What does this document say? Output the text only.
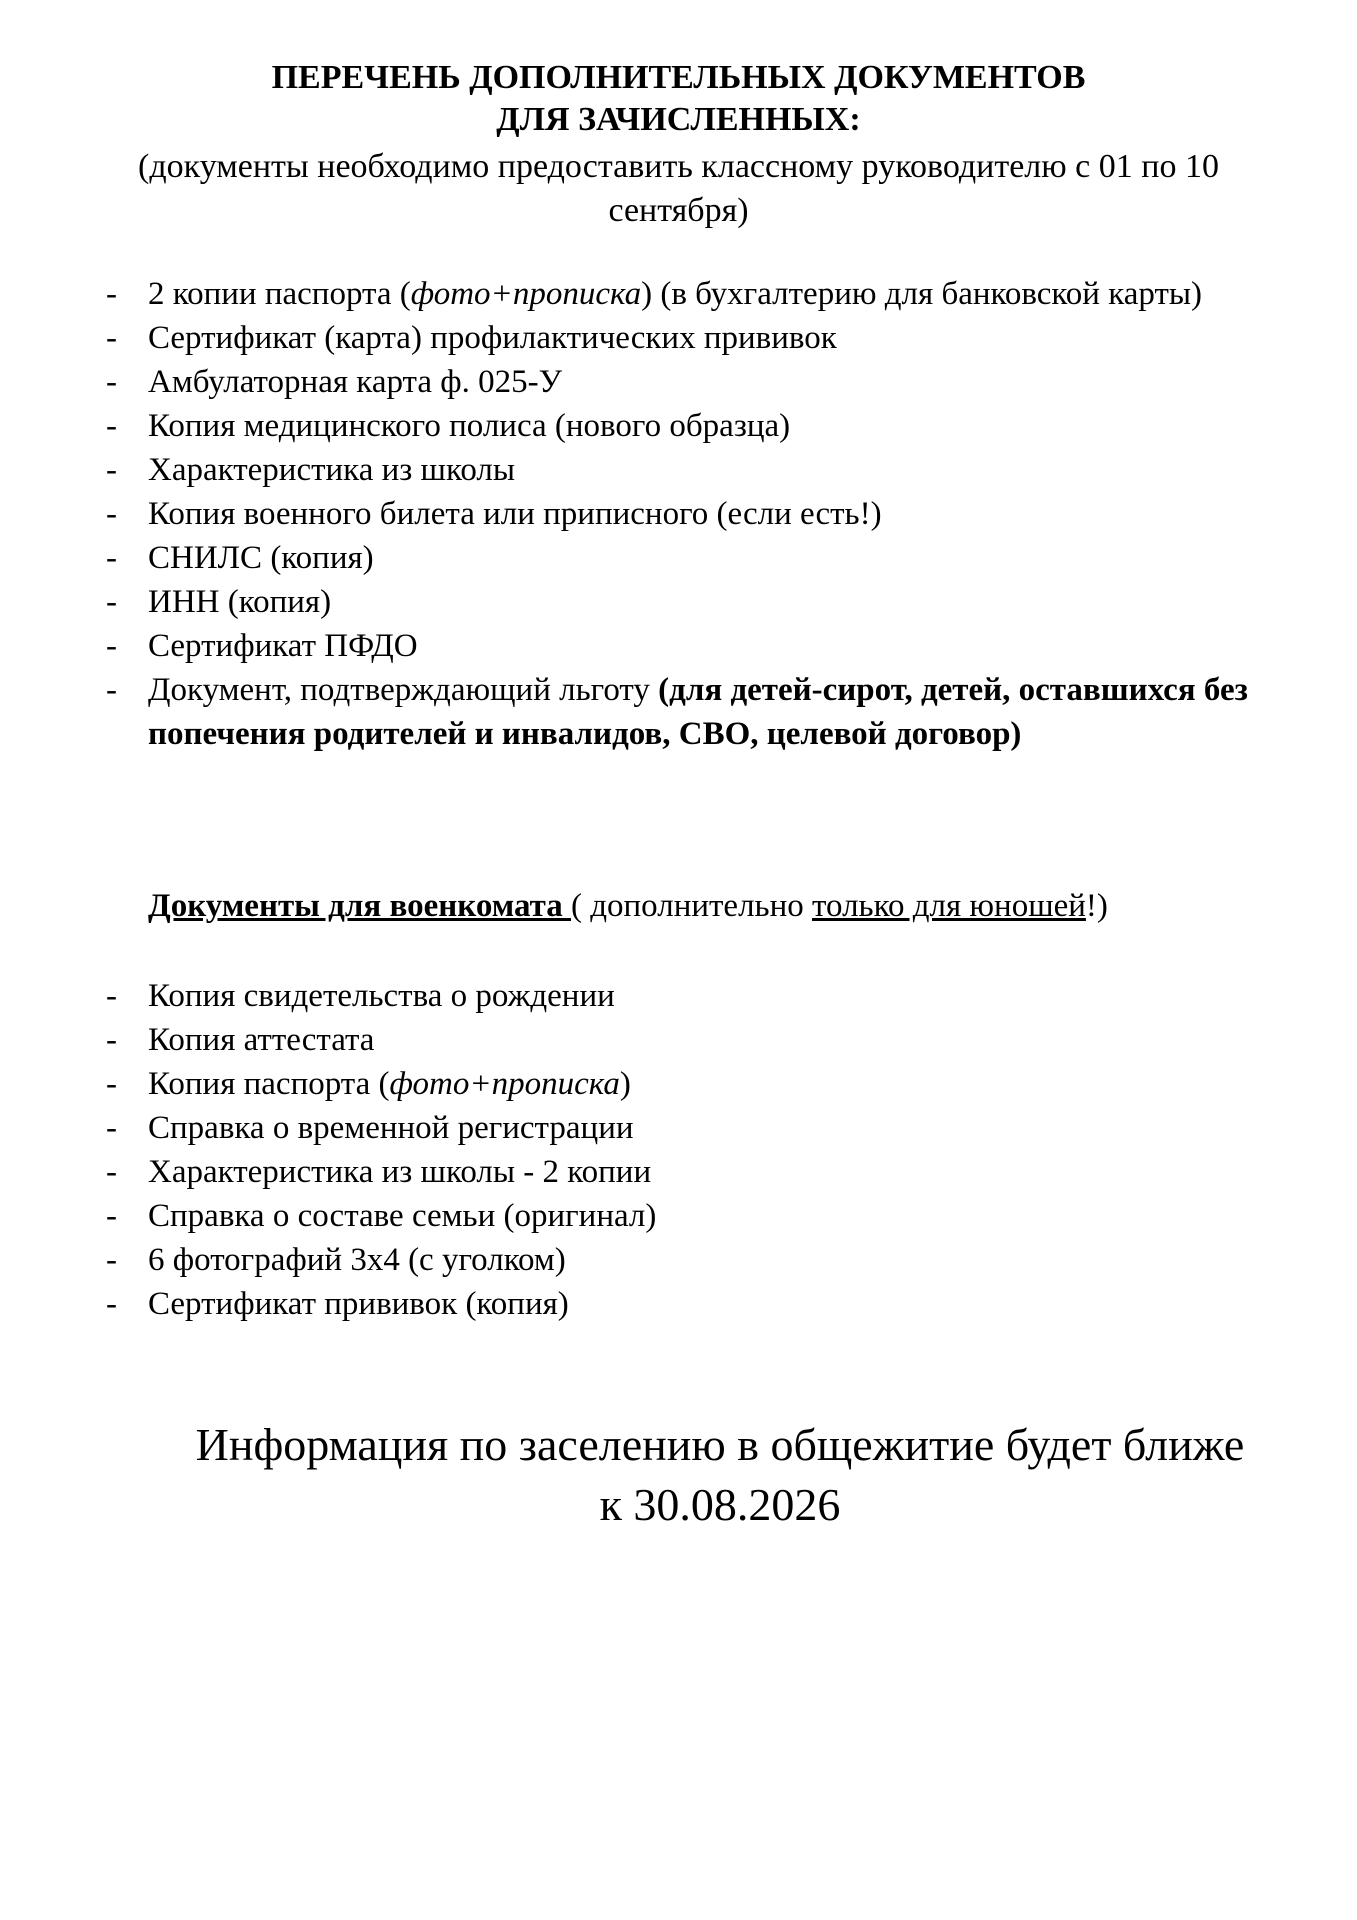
ПЕРЕЧЕНЬ ДОПОЛНИТЕЛЬНЫХ ДОКУМЕНТОВ
ДЛЯ ЗАЧИСЛЕННЫХ:
(документы необходимо предоставить классному руководителю с 01 по 10 сентября)
- 2 копии паспорта (фото+прописка) (в бухгалтерию для банковской карты)
- Сертификат (карта) профилактических прививок
- Амбулаторная карта ф. 025-У
- Копия медицинского полиса (нового образца)
- Характеристика из школы
- Копия военного билета или приписного (если есть!)
- СНИЛС (копия)
- ИНН (копия)
- Сертификат ПФДО
- Документ, подтверждающий льготу (для детей-сирот, детей, оставшихся без попечения родителей и инвалидов, СВО, целевой договор)
Документы для военкомата ( дополнительно только для юношей!)
- Копия свидетельства о рождении
- Копия аттестата
- Копия паспорта (фото+прописка)
- Справка о временной регистрации
- Характеристика из школы - 2 копии
- Справка о составе семьи (оригинал)
- 6 фотографий 3х4 (с уголком)
- Сертификат прививок (копия)
Информация по заселению в общежитие будет ближе
к 30.08.2026
